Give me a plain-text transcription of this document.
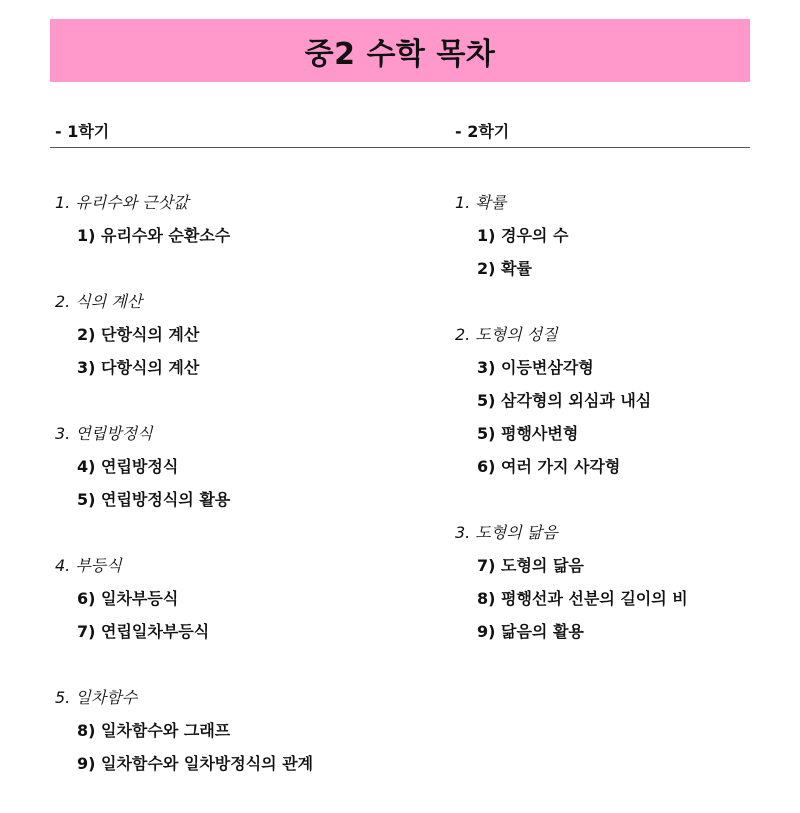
중2 수학 목차
- 1학기
1. 유리수와 근삿값
1) 유리수와 순환소수
2. 식의 계산
2) 단항식의 계산
3) 다항식의 계산
3. 연립방정식
4) 연립방정식
5) 연립방정식의 활용
4. 부등식
6) 일차부등식
7) 연립일차부등식
5. 일차함수
8) 일차함수와 그래프
9) 일차함수와 일차방정식의 관계
- 2학기
1. 확률
1) 경우의 수
2) 확률
2. 도형의 성질
3) 이등변삼각형
5) 삼각형의 외심과 내심
5) 평행사변형
6) 여러 가지 사각형
3. 도형의 닮음
7) 도형의 닮음
8) 평행선과 선분의 길이의 비
9) 닮음의 활용
